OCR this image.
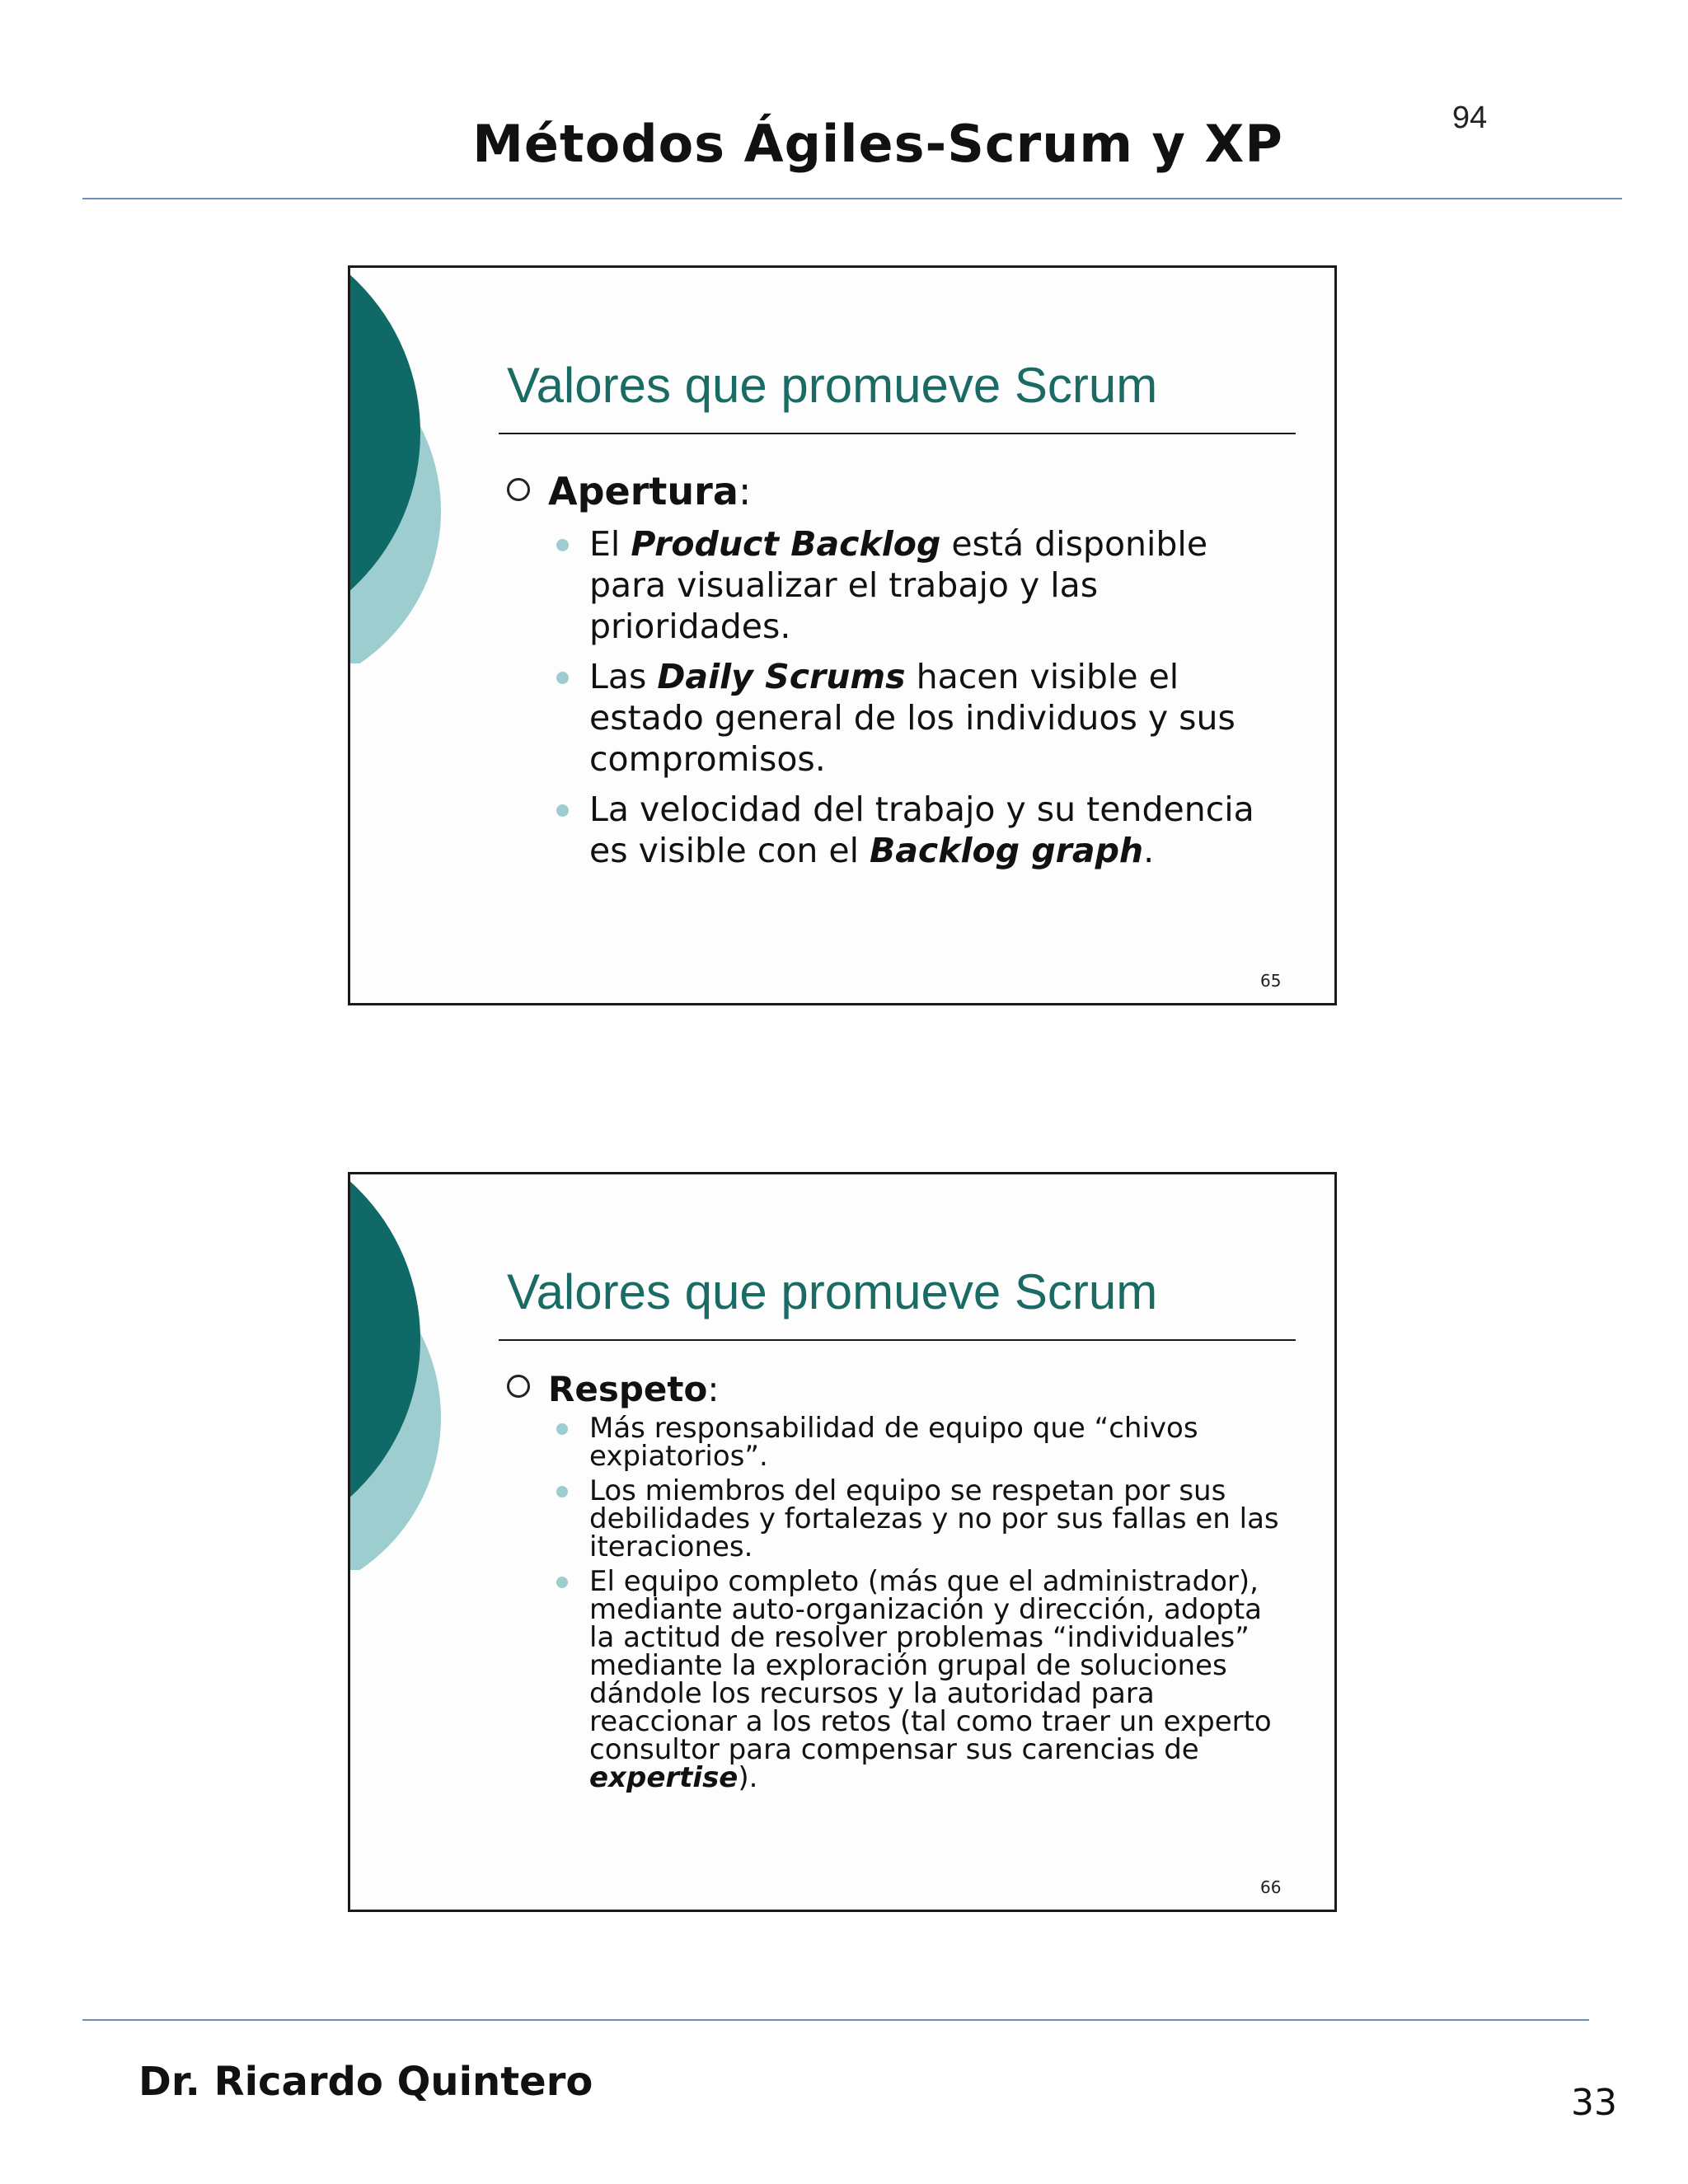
Métodos Ágiles-Scrum y XP	94
Valores que promueve Scrum
Apertura:
El Product Backlog está disponible para visualizar el trabajo y las prioridades.
Las Daily Scrums hacen visible el estado general de los individuos y sus compromisos.
La velocidad del trabajo y su tendencia es visible con el Backlog graph.
65
Valores que promueve Scrum
Respeto:
Más responsabilidad de equipo que “chivos expiatorios”.
Los miembros del equipo se respetan por sus debilidades y fortalezas y no por sus fallas en las iteraciones.
El equipo completo (más que el administrador), mediante auto-organización y dirección, adopta la actitud de resolver problemas “individuales” mediante la exploración grupal de soluciones dándole los recursos y la autoridad para reaccionar a los retos (tal como traer un experto consultor para compensar sus carencias de expertise).
66
Dr. Ricardo Quintero	33
